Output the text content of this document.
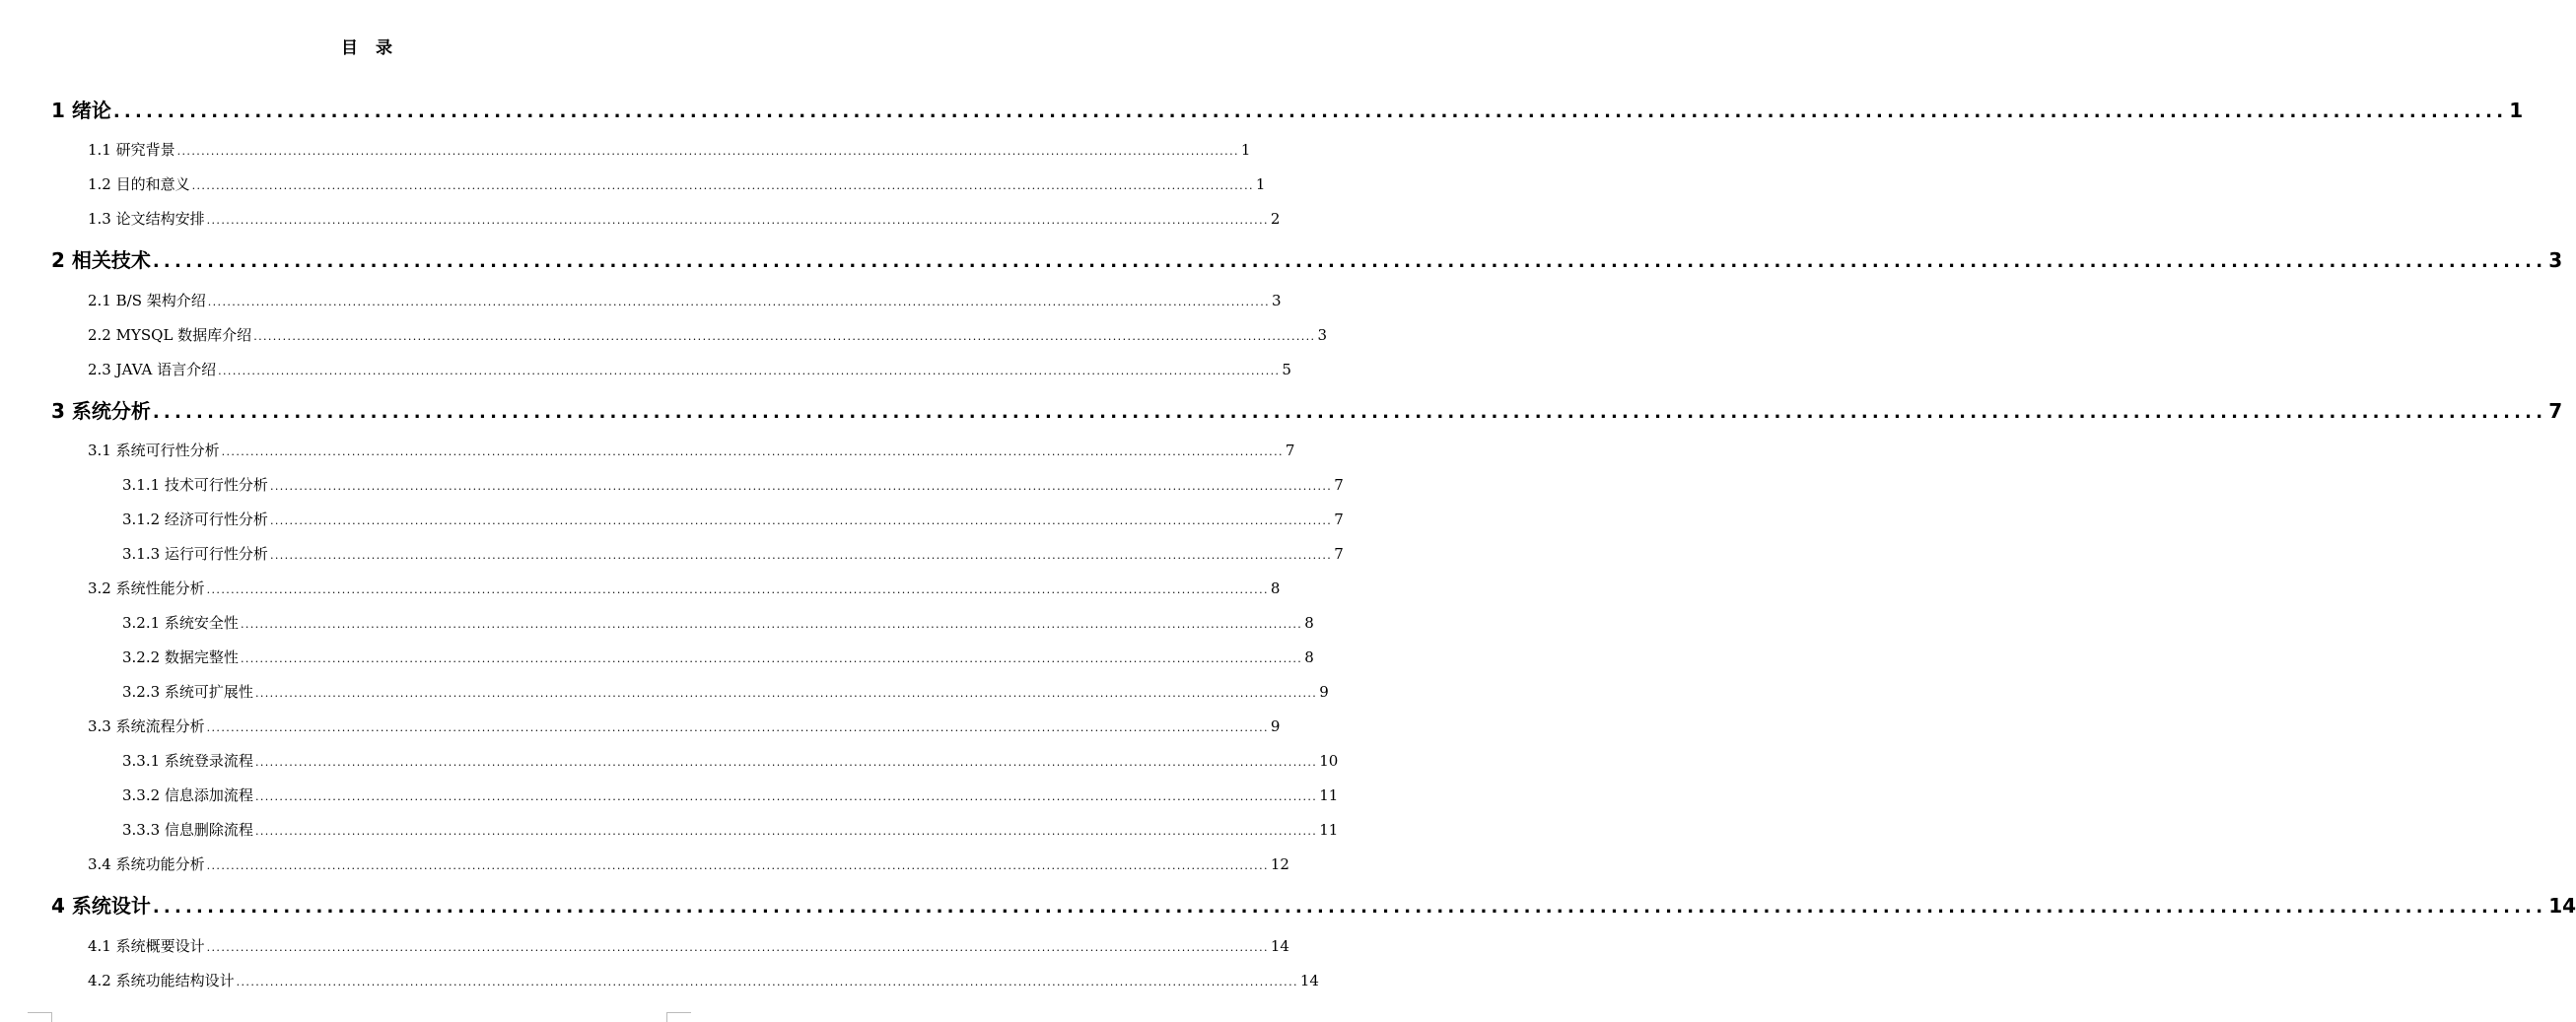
目 录
1 绪论 ............................................................................................................................................................................................................................ 1
1.1 研究背景 ............................................................................................................................................................................................................................ 1
1.2 目的和意义 ............................................................................................................................................................................................................................ 1
1.3 论文结构安排 ............................................................................................................................................................................................................................ 2
2 相关技术 ............................................................................................................................................................................................................................ 3
2.1 B/S 架构介绍 ............................................................................................................................................................................................................................ 3
2.2 MYSQL 数据库介绍 ............................................................................................................................................................................................................................ 3
2.3 JAVA 语言介绍 ............................................................................................................................................................................................................................ 5
3 系统分析 ............................................................................................................................................................................................................................ 7
3.1 系统可行性分析 ............................................................................................................................................................................................................................ 7
3.1.1 技术可行性分析 ............................................................................................................................................................................................................................ 7
3.1.2 经济可行性分析 ............................................................................................................................................................................................................................ 7
3.1.3 运行可行性分析 ............................................................................................................................................................................................................................ 7
3.2 系统性能分析 ............................................................................................................................................................................................................................ 8
3.2.1 系统安全性 ............................................................................................................................................................................................................................ 8
3.2.2 数据完整性 ............................................................................................................................................................................................................................ 8
3.2.3 系统可扩展性 ............................................................................................................................................................................................................................ 9
3.3 系统流程分析 ............................................................................................................................................................................................................................ 9
3.3.1 系统登录流程 ............................................................................................................................................................................................................................ 10
3.3.2 信息添加流程 ............................................................................................................................................................................................................................ 11
3.3.3 信息删除流程 ............................................................................................................................................................................................................................ 11
3.4 系统功能分析 ............................................................................................................................................................................................................................ 12
4 系统设计 ............................................................................................................................................................................................................................ 14
4.1 系统概要设计 ............................................................................................................................................................................................................................ 14
4.2 系统功能结构设计 ............................................................................................................................................................................................................................ 14
